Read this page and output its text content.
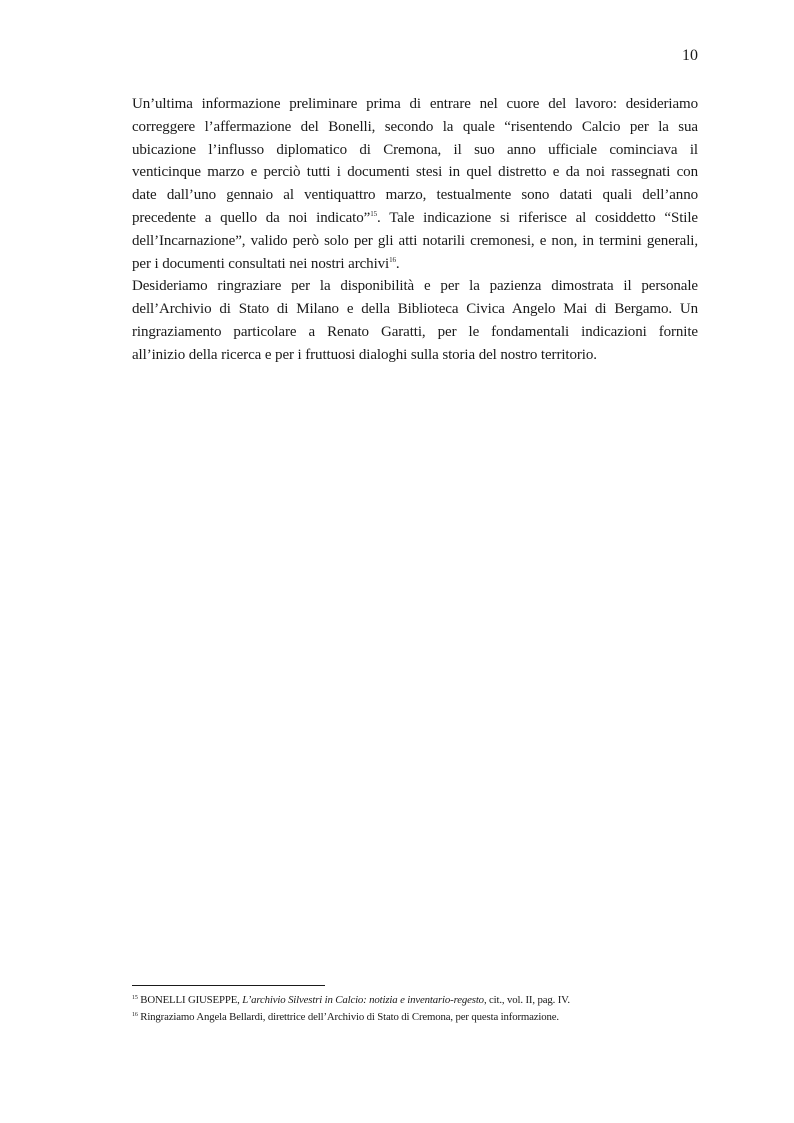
10
Un’ultima informazione preliminare prima di entrare nel cuore del lavoro: desideriamo
correggere l’affermazione del Bonelli, secondo la quale “risentendo Calcio per la sua
ubicazione l’influsso diplomatico di Cremona, il suo anno ufficiale cominciava il
venticinque marzo e perciò tutti i documenti stesi in quel distretto e da noi rassegnati con
date dall’uno gennaio al ventiquattro marzo, testualmente sono datati quali dell’anno
precedente a quello da noi indicato”$^{15}$. Tale indicazione si riferisce al cosiddetto “Stile
dell’Incarnazione”, valido però solo per gli atti notarili cremonesi, e non, in termini generali,
per i documenti consultati nei nostri archivi$^{16}$.
Desideriamo ringraziare per la disponibilità e per la pazienza dimostrata il personale
dell’Archivio di Stato di Milano e della Biblioteca Civica Angelo Mai di Bergamo. Un
ringraziamento particolare a Renato Garatti, per le fondamentali indicazioni fornite
all’inizio della ricerca e per i fruttuosi dialoghi sulla storia del nostro territorio.
$^{15}$ BONELLI GIUSEPPE, L’archivio Silvestri in Calcio: notizia e inventario-regesto, cit., vol. II, pag. IV.
$^{16}$ Ringraziamo Angela Bellardi, direttrice dell’Archivio di Stato di Cremona, per questa informazione.
